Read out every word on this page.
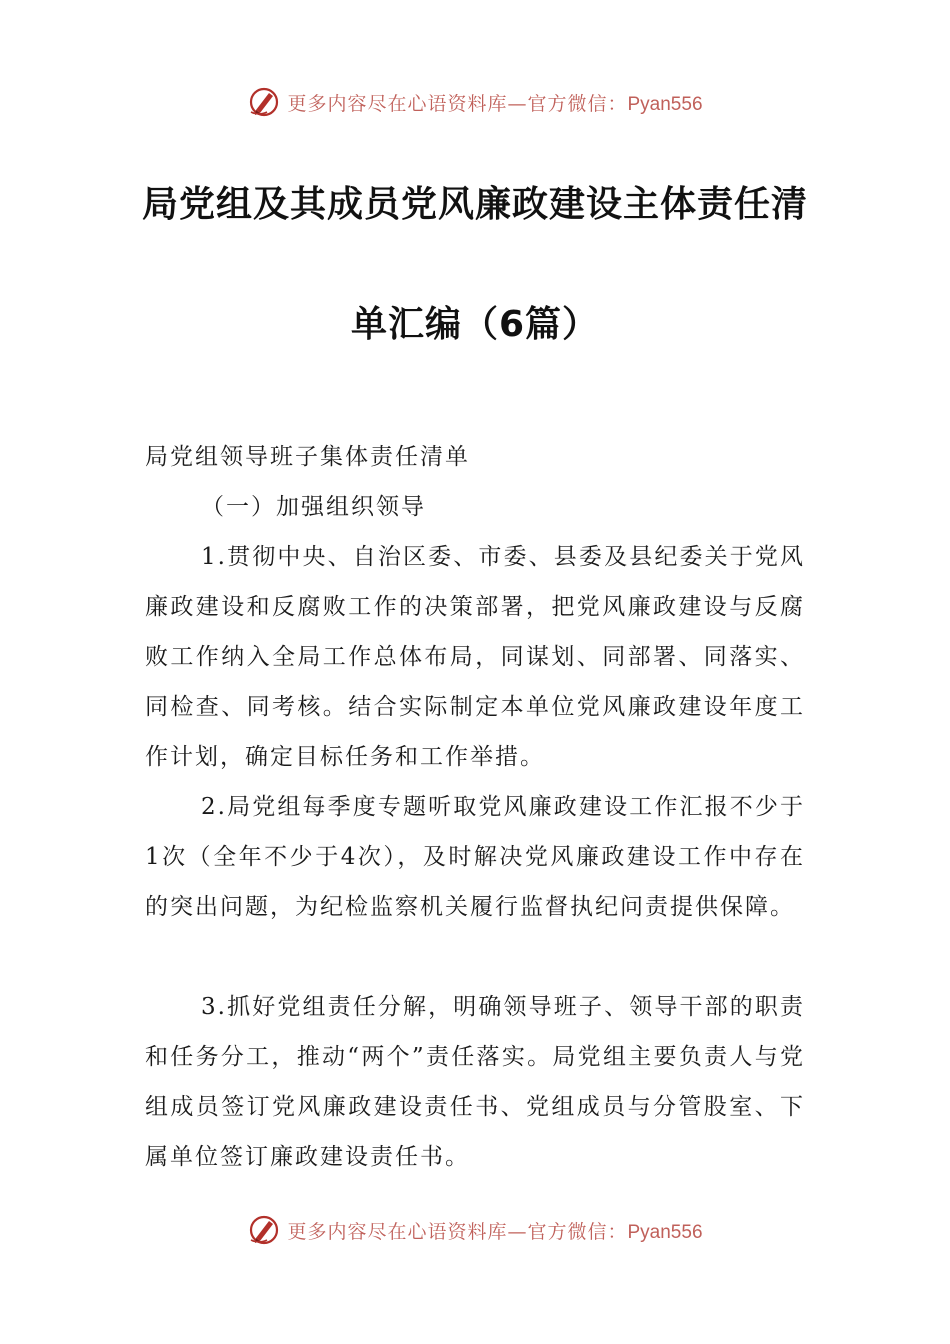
更多内容尽在心语资料库—官方微信：Pyan556
局党组及其成员党风廉政建设主体责任清
单汇编（6篇）
局党组领导班子集体责任清单
（一）加强组织领导
1.贯彻中央、自治区委、市委、县委及县纪委关于党风廉政建设和反腐败工作的决策部署，把党风廉政建设与反腐败工作纳入全局工作总体布局，同谋划、同部署、同落实、同检查、同考核。结合实际制定本单位党风廉政建设年度工作计划，确定目标任务和工作举措。
2.局党组每季度专题听取党风廉政建设工作汇报不少于1次（全年不少于4次），及时解决党风廉政建设工作中存在的突出问题，为纪检监察机关履行监督执纪问责提供保障。
3.抓好党组责任分解，明确领导班子、领导干部的职责和任务分工，推动“两个”责任落实。局党组主要负责人与党组成员签订党风廉政建设责任书、党组成员与分管股室、下属单位签订廉政建设责任书。
更多内容尽在心语资料库—官方微信：Pyan556
